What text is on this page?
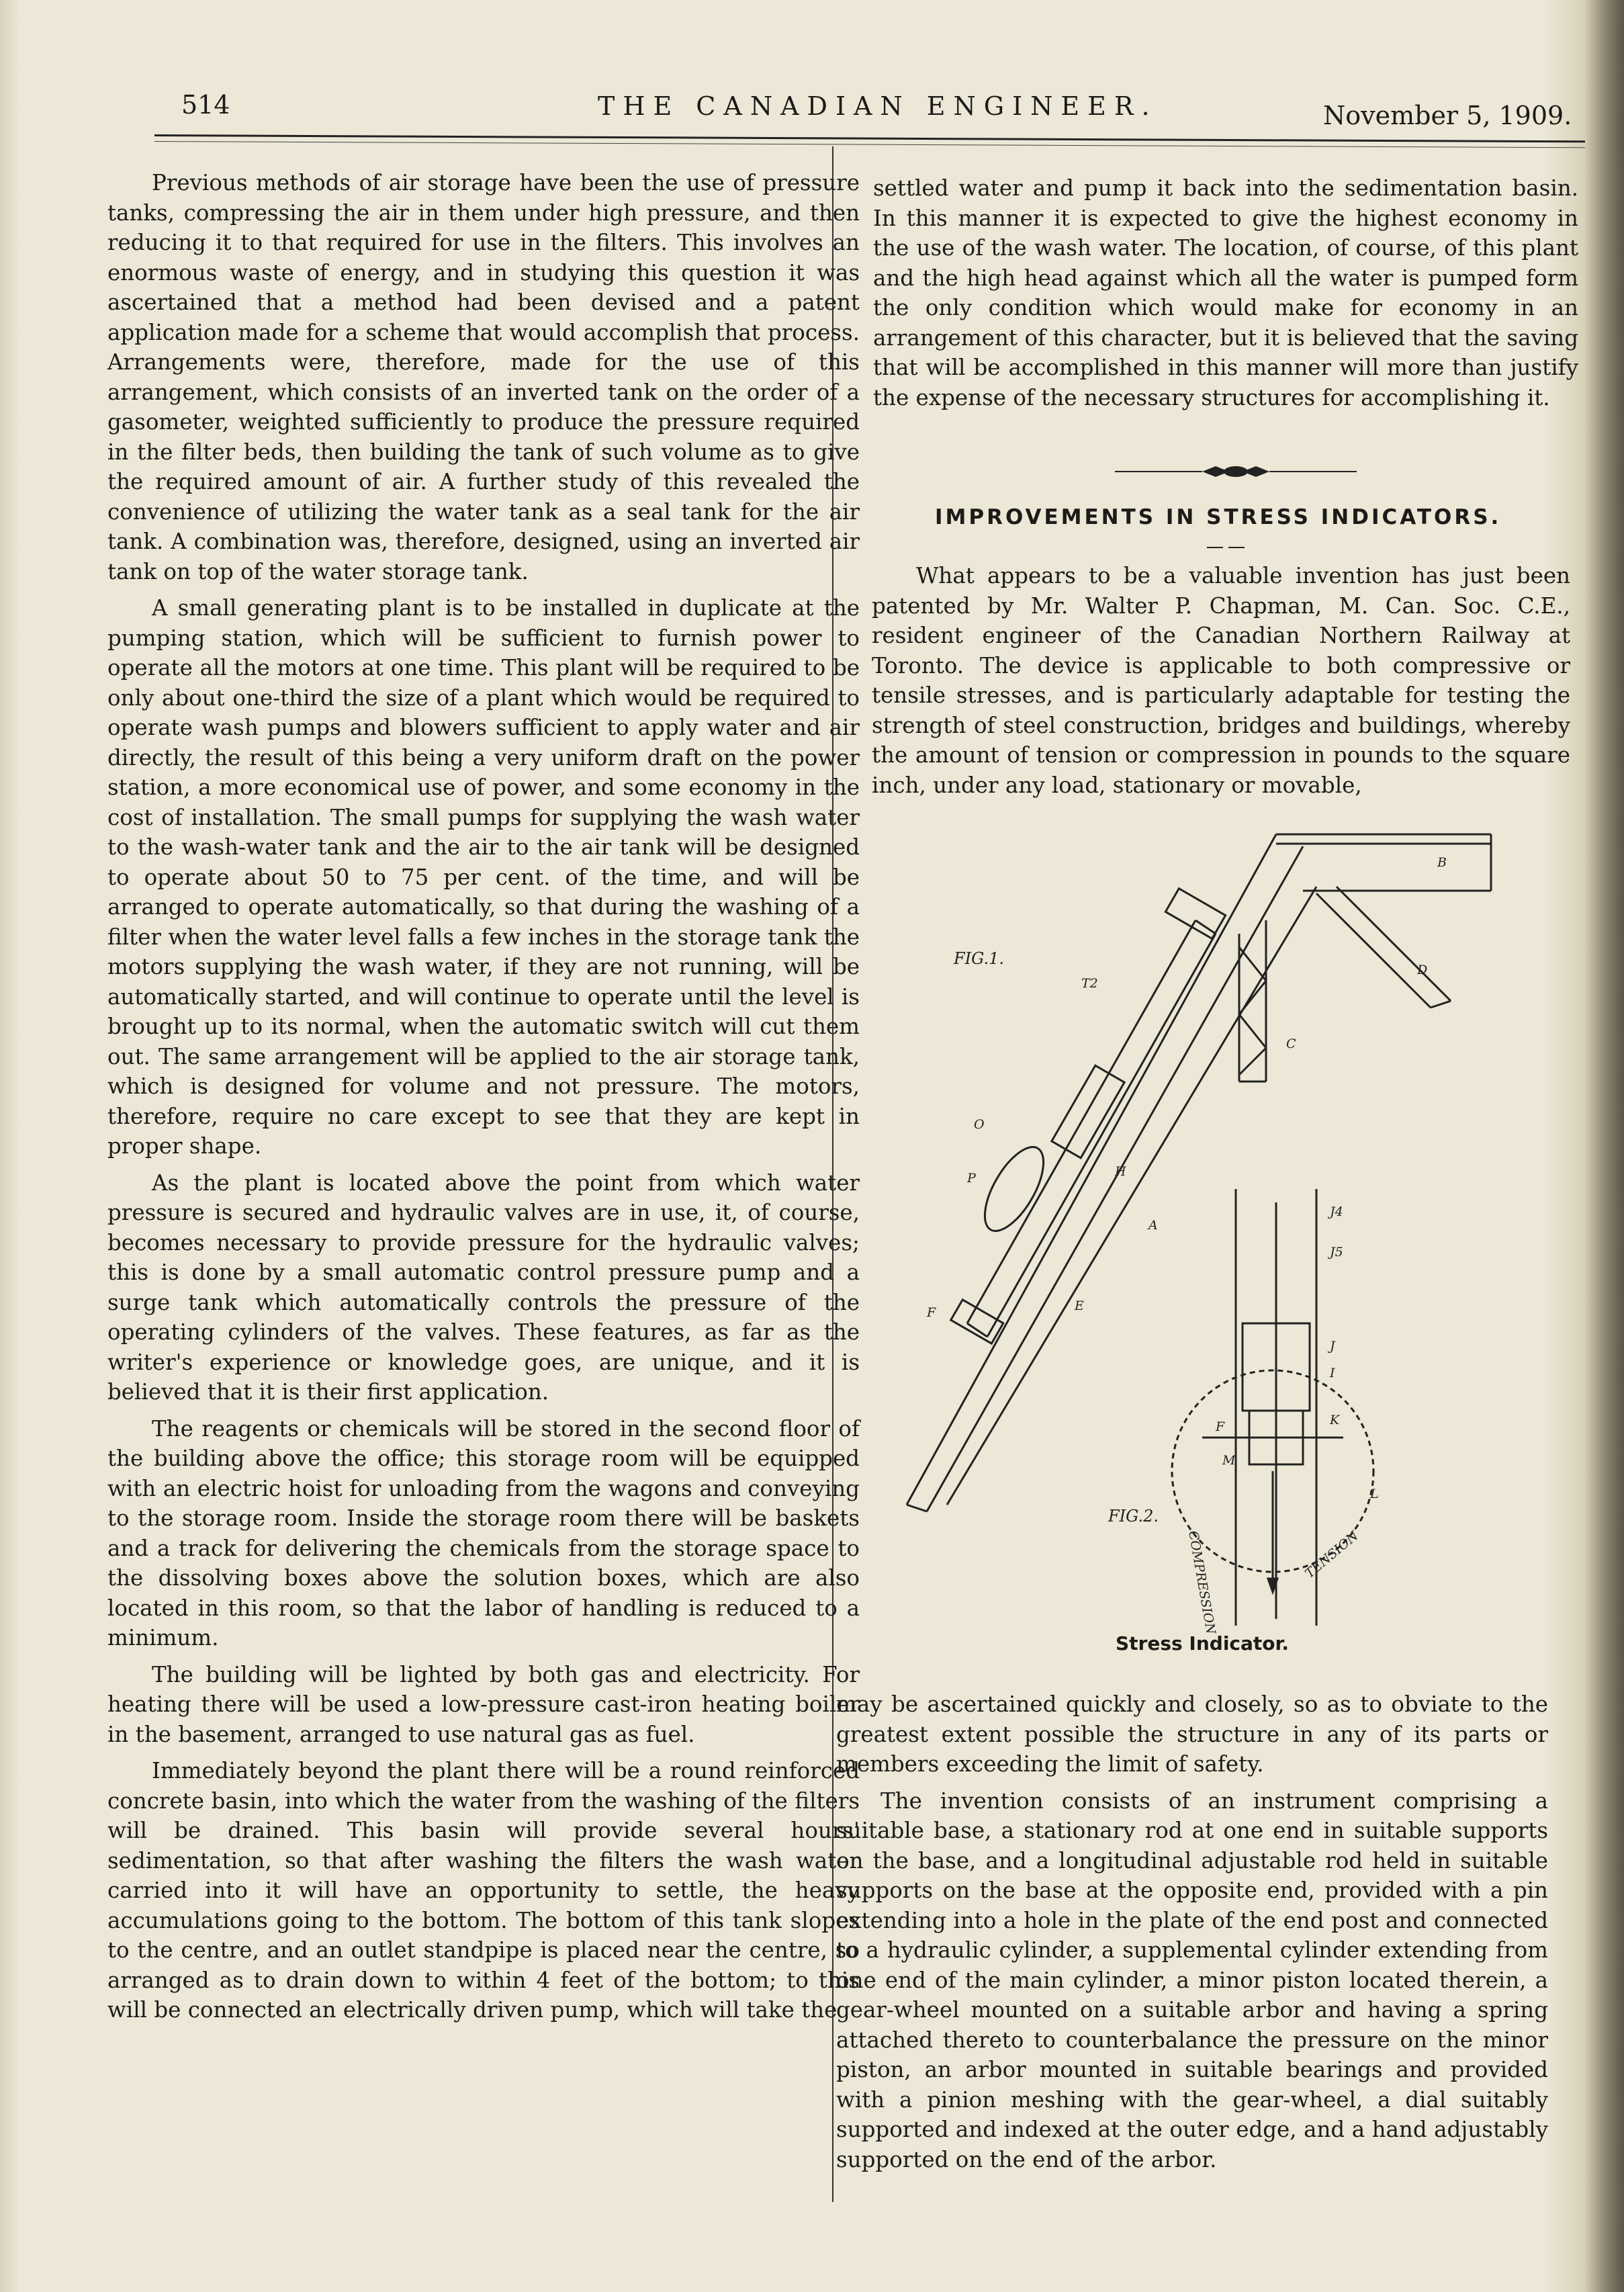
514	THE CANADIAN ENGINEER.	November 5, 1909.

Previous methods of air storage have been the use of pressure tanks, compressing the air in them under high pressure, and then reducing it to that required for use in the filters. This involves an enormous waste of energy, and in studying this question it was ascertained that a method had been devised and a patent application made for a scheme that would accomplish that process. Arrangements were, therefore, made for the use of this arrangement, which consists of an inverted tank on the order of a gasometer, weighted sufficiently to produce the pressure required in the filter beds, then building the tank of such volume as to give the required amount of air. A further study of this revealed the convenience of utilizing the water tank as a seal tank for the air tank. A combination was, therefore, designed, using an inverted air tank on top of the water storage tank.

A small generating plant is to be installed in duplicate at the pumping station, which will be sufficient to furnish power to operate all the motors at one time. This plant will be required to be only about one-third the size of a plant which would be required to operate wash pumps and blowers sufficient to apply water and air directly, the result of this being a very uniform draft on the power station, a more economical use of power, and some economy in the cost of installation. The small pumps for supplying the wash water to the wash-water tank and the air to the air tank will be designed to operate about 50 to 75 per cent. of the time, and will be arranged to operate automatically, so that during the washing of a filter when the water level falls a few inches in the storage tank the motors supplying the wash water, if they are not running, will be automatically started, and will continue to operate until the level is brought up to its normal, when the automatic switch will cut them out. The same arrangement will be applied to the air storage tank, which is designed for volume and not pressure. The motors, therefore, require no care except to see that they are kept in proper shape.

As the plant is located above the point from which water pressure is secured and hydraulic valves are in use, it, of course, becomes necessary to provide pressure for the hydraulic valves; this is done by a small automatic control pressure pump and a surge tank which automatically controls the pressure of the operating cylinders of the valves. These features, as far as the writer's experience or knowledge goes, are unique, and it is believed that it is their first application.

The reagents or chemicals will be stored in the second floor of the building above the office; this storage room will be equipped with an electric hoist for unloading from the wagons and conveying to the storage room. Inside the storage room there will be baskets and a track for delivering the chemicals from the storage space to the dissolving boxes above the solution boxes, which are also located in this room, so that the labor of handling is reduced to a minimum.

The building will be lighted by both gas and electricity. For heating there will be used a low-pressure cast-iron heating boiler in the basement, arranged to use natural gas as fuel.

Immediately beyond the plant there will be a round reinforced concrete basin, into which the water from the washing of the filters will be drained. This basin will provide several hours' sedimentation, so that after washing the filters the wash water carried into it will have an opportunity to settle, the heavy accumulations going to the bottom. The bottom of this tank slopes to the centre, and an outlet standpipe is placed near the centre, so arranged as to drain down to within 4 feet of the bottom; to this will be connected an electrically driven pump, which will take the

settled water and pump it back into the sedimentation basin. In this manner it is expected to give the highest economy in the use of the wash water. The location, of course, of this plant and the high head against which all the water is pumped form the only condition which would make for economy in an arrangement of this character, but it is believed that the saving that will be accomplished in this manner will more than justify the expense of the necessary structures for accomplishing it.

IMPROVEMENTS IN STRESS INDICATORS.

What appears to be a valuable invention has just been patented by Mr. Walter P. Chapman, M. Can. Soc. C.E., resident engineer of the Canadian Northern Railway at Toronto. The device is applicable to both compressive or tensile stresses, and is particularly adaptable for testing the strength of steel construction, bridges and buildings, whereby the amount of tension or compression in pounds to the square inch, under any load, stationary or movable,

FIG.1.
B
D
C
A
E
F
T2
O
P	H
FIG.2.
COMPRESSION	TENSION
J4
J5
J
I
K
F
M
L
Stress Indicator.

may be ascertained quickly and closely, so as to obviate to the greatest extent possible the structure in any of its parts or members exceeding the limit of safety.

The invention consists of an instrument comprising a suitable base, a stationary rod at one end in suitable supports on the base, and a longitudinal adjustable rod held in suitable supports on the base at the opposite end, provided with a pin extending into a hole in the plate of the end post and connected to a hydraulic cylinder, a supplemental cylinder extending from one end of the main cylinder, a minor piston located therein, a gear-wheel mounted on a suitable arbor and having a spring attached thereto to counterbalance the pressure on the minor piston, an arbor mounted in suitable bearings and provided with a pinion meshing with the gear-wheel, a dial suitably supported and indexed at the outer edge, and a hand adjustably supported on the end of the arbor.
